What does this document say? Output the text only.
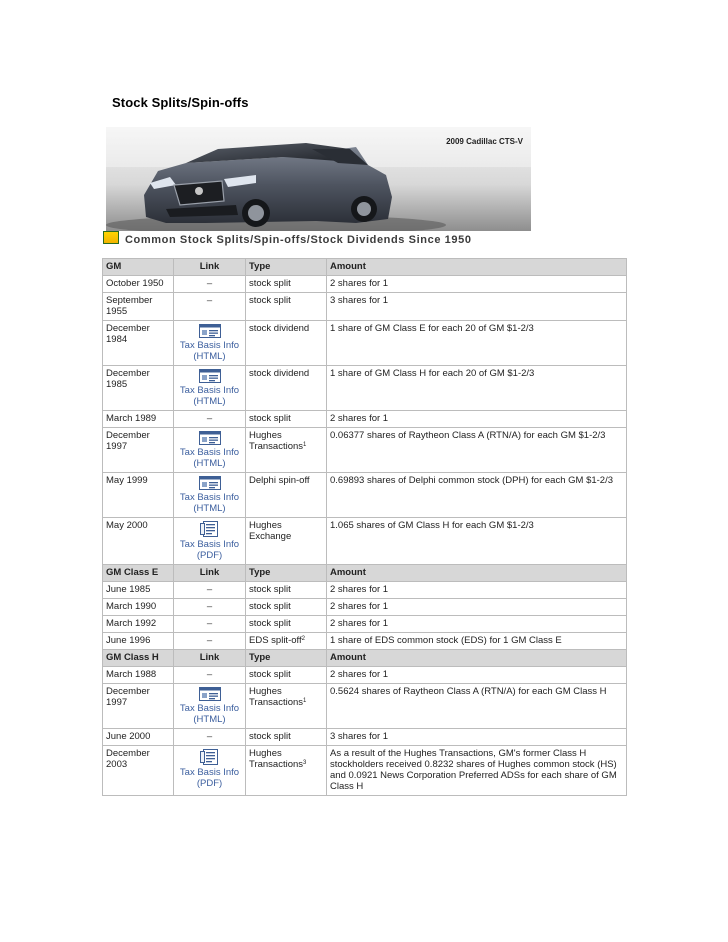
Stock Splits/Spin-offs
2009 Cadillac CTS-V
Common Stock Splits/Spin-offs/Stock Dividends Since 1950
GM	Link	Type	Amount
October 1950	–	stock split	2 shares for 1
September 1955	–	stock split	3 shares for 1
December 1984	Tax Basis Info (HTML)	stock dividend	1 share of GM Class E for each 20 of GM $1-2/3
December 1985	Tax Basis Info (HTML)	stock dividend	1 share of GM Class H for each 20 of GM $1-2/3
March 1989	–	stock split	2 shares for 1
December 1997	Tax Basis Info (HTML)	Hughes Transactions$^1$	0.06377 shares of Raytheon Class A (RTN/A) for each GM $1-2/3
May 1999	Tax Basis Info (HTML)	Delphi spin-off	0.69893 shares of Delphi common stock (DPH) for each GM $1-2/3
May 2000	Tax Basis Info (PDF)	Hughes Exchange	1.065 shares of GM Class H for each GM $1-2/3
GM Class E	Link	Type	Amount
June 1985	–	stock split	2 shares for 1
March 1990	–	stock split	2 shares for 1
March 1992	–	stock split	2 shares for 1
June 1996	–	EDS split-off$^2$	1 share of EDS common stock (EDS) for 1 GM Class E
GM Class H	Link	Type	Amount
March 1988	–	stock split	2 shares for 1
December 1997	Tax Basis Info (HTML)	Hughes Transactions$^1$	0.5624 shares of Raytheon Class A (RTN/A) for each GM Class H
June 2000	–	stock split	3 shares for 1
December 2003	Tax Basis Info (PDF)	Hughes Transactions$^3$	As a result of the Hughes Transactions, GM's former Class H stockholders received 0.8232 shares of Hughes common stock (HS) and 0.0921 News Corporation Preferred ADSs for each share of GM Class H
